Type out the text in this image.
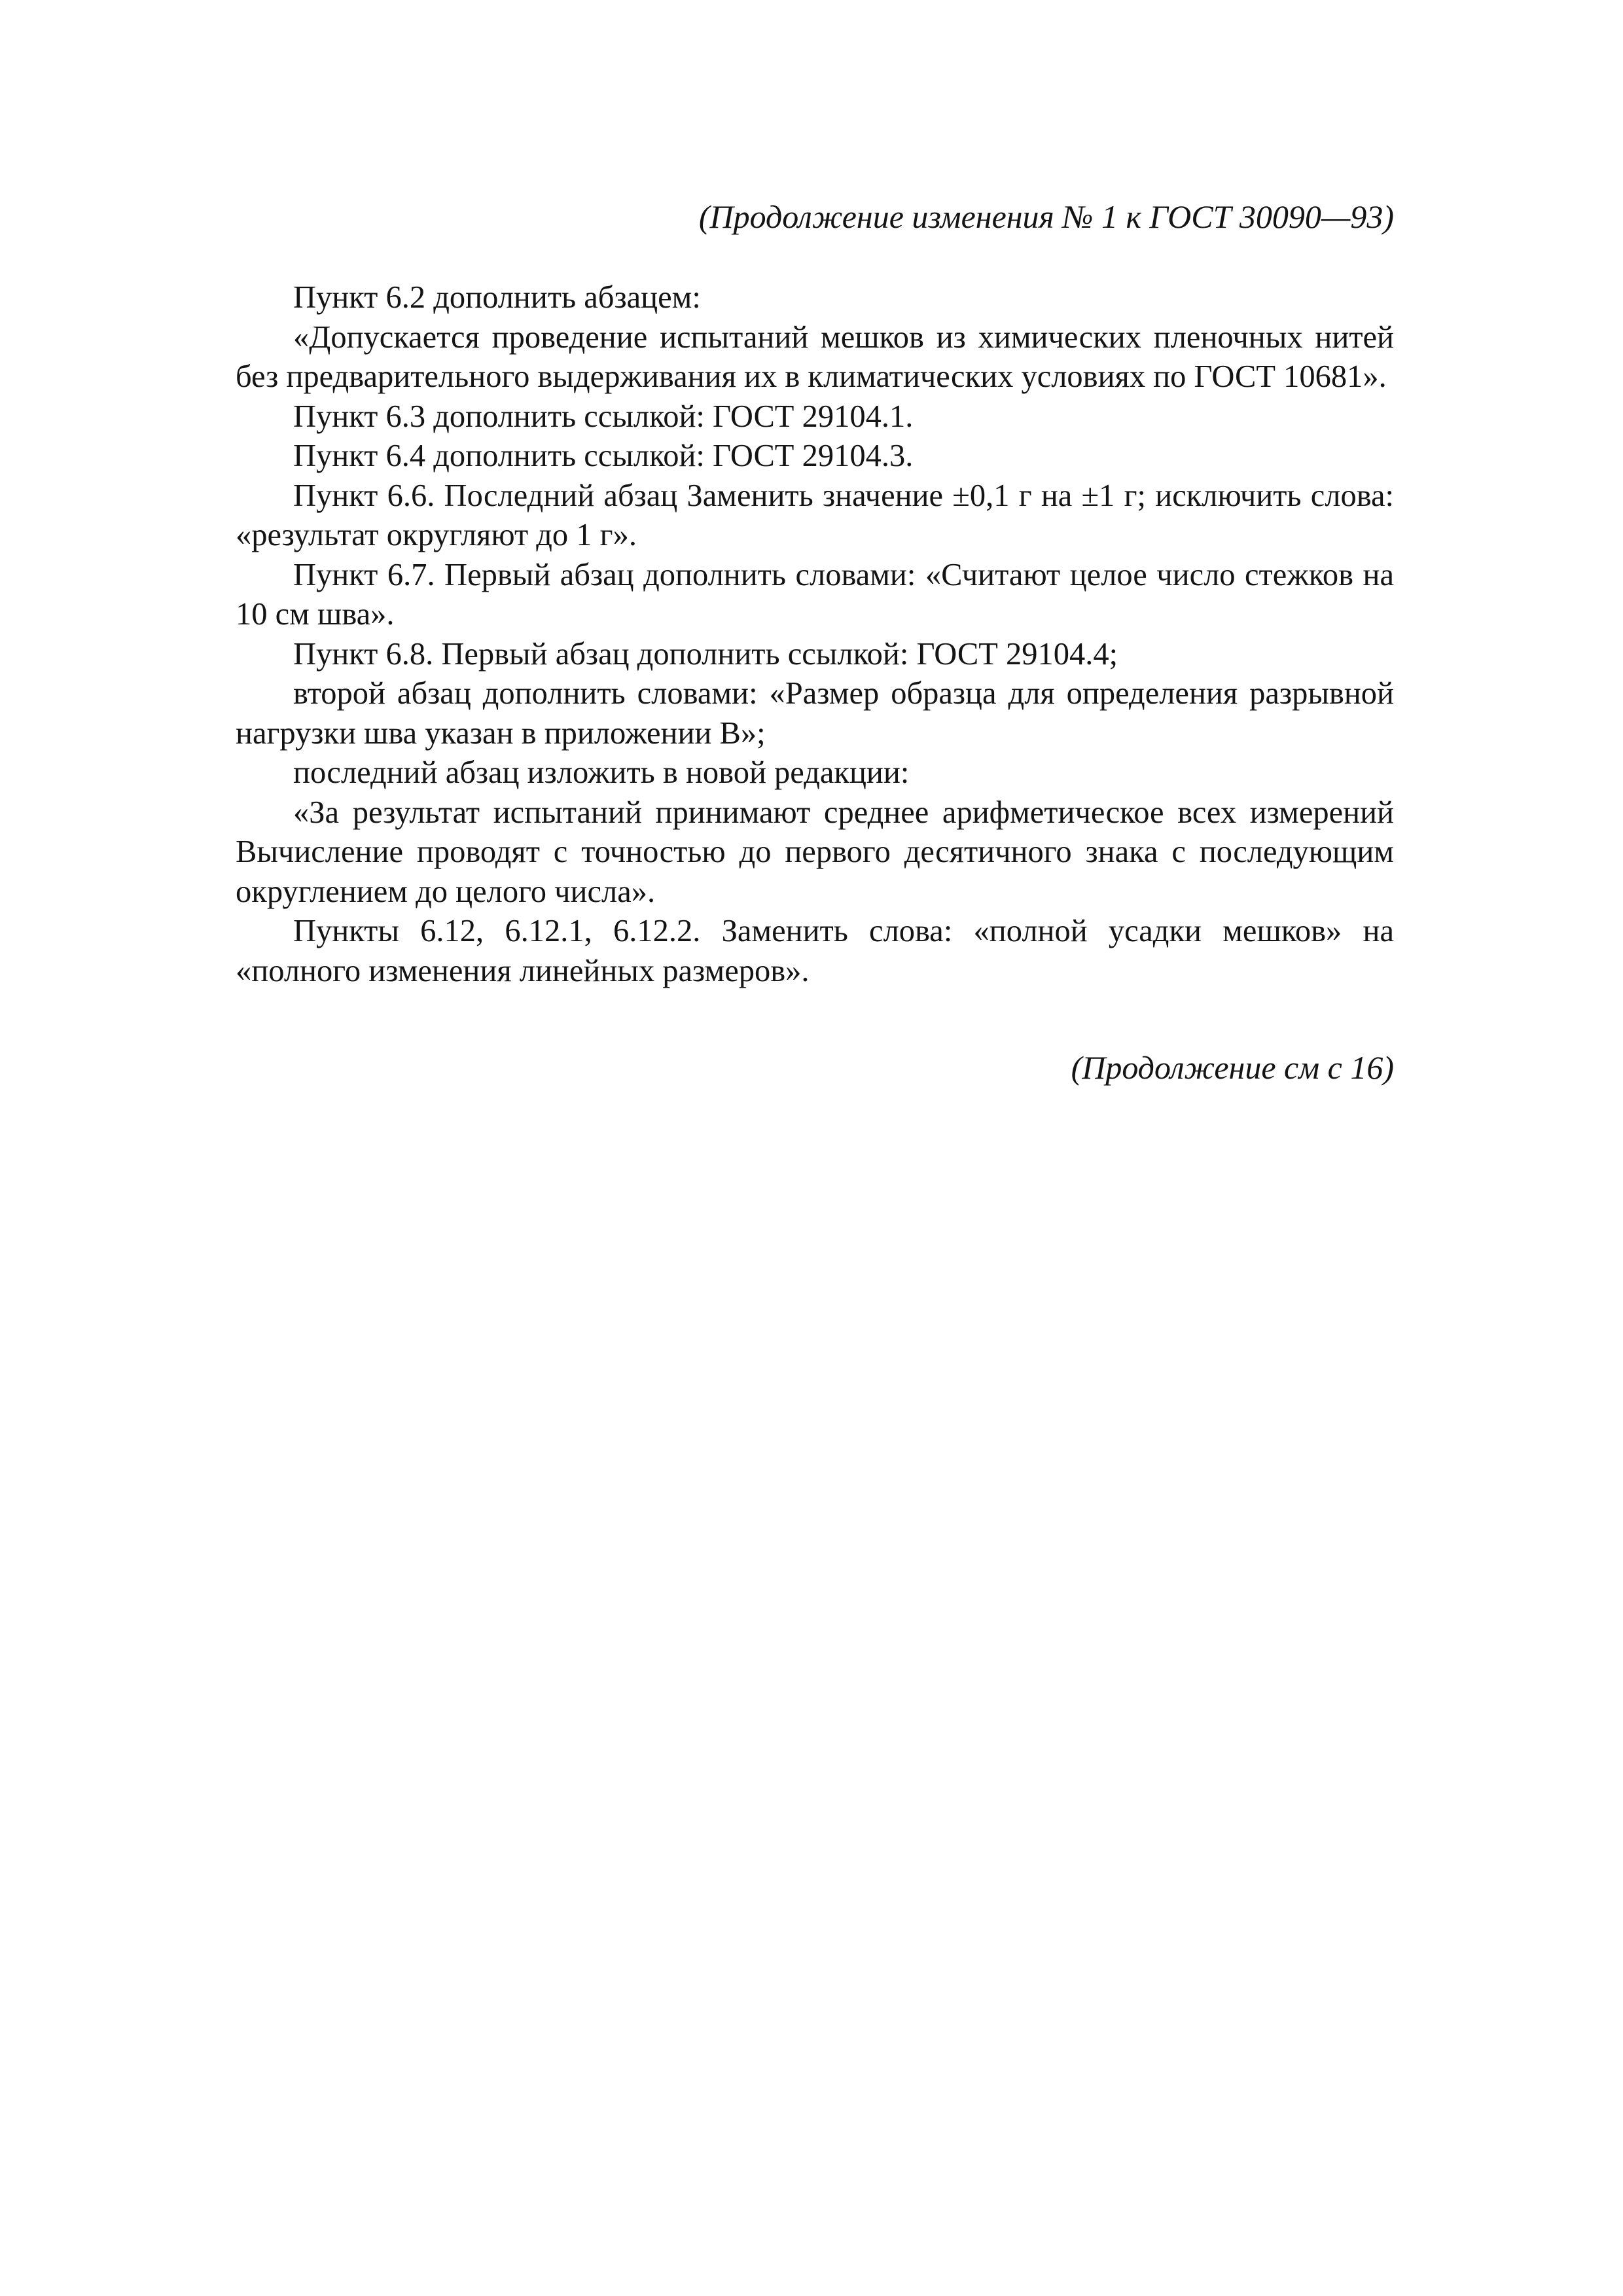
(Продолжение изменения № 1 к ГОСТ 30090—93)

Пункт 6.2 дополнить абзацем:

«Допускается проведение испытаний мешков из химических пленочных нитей без предварительного выдерживания их в климатических условиях по ГОСТ 10681».

Пункт 6.3 дополнить ссылкой: ГОСТ 29104.1.

Пункт 6.4 дополнить ссылкой: ГОСТ 29104.3.

Пункт 6.6. Последний абзац Заменить значение ±0,1 г на ±1 г; исключить слова: «результат округляют до 1 г».

Пункт 6.7. Первый абзац дополнить словами: «Считают целое число стежков на 10 см шва».

Пункт 6.8. Первый абзац дополнить ссылкой: ГОСТ 29104.4;

второй абзац дополнить словами: «Размер образца для определения разрывной нагрузки шва указан в приложении В»;

последний абзац изложить в новой редакции:

«За результат испытаний принимают среднее арифметическое всех измерений Вычисление проводят с точностью до первого десятичного знака с последующим округлением до целого числа».

Пункты 6.12, 6.12.1, 6.12.2. Заменить слова: «полной усадки мешков» на «полного изменения линейных размеров».

(Продолжение см с 16)
